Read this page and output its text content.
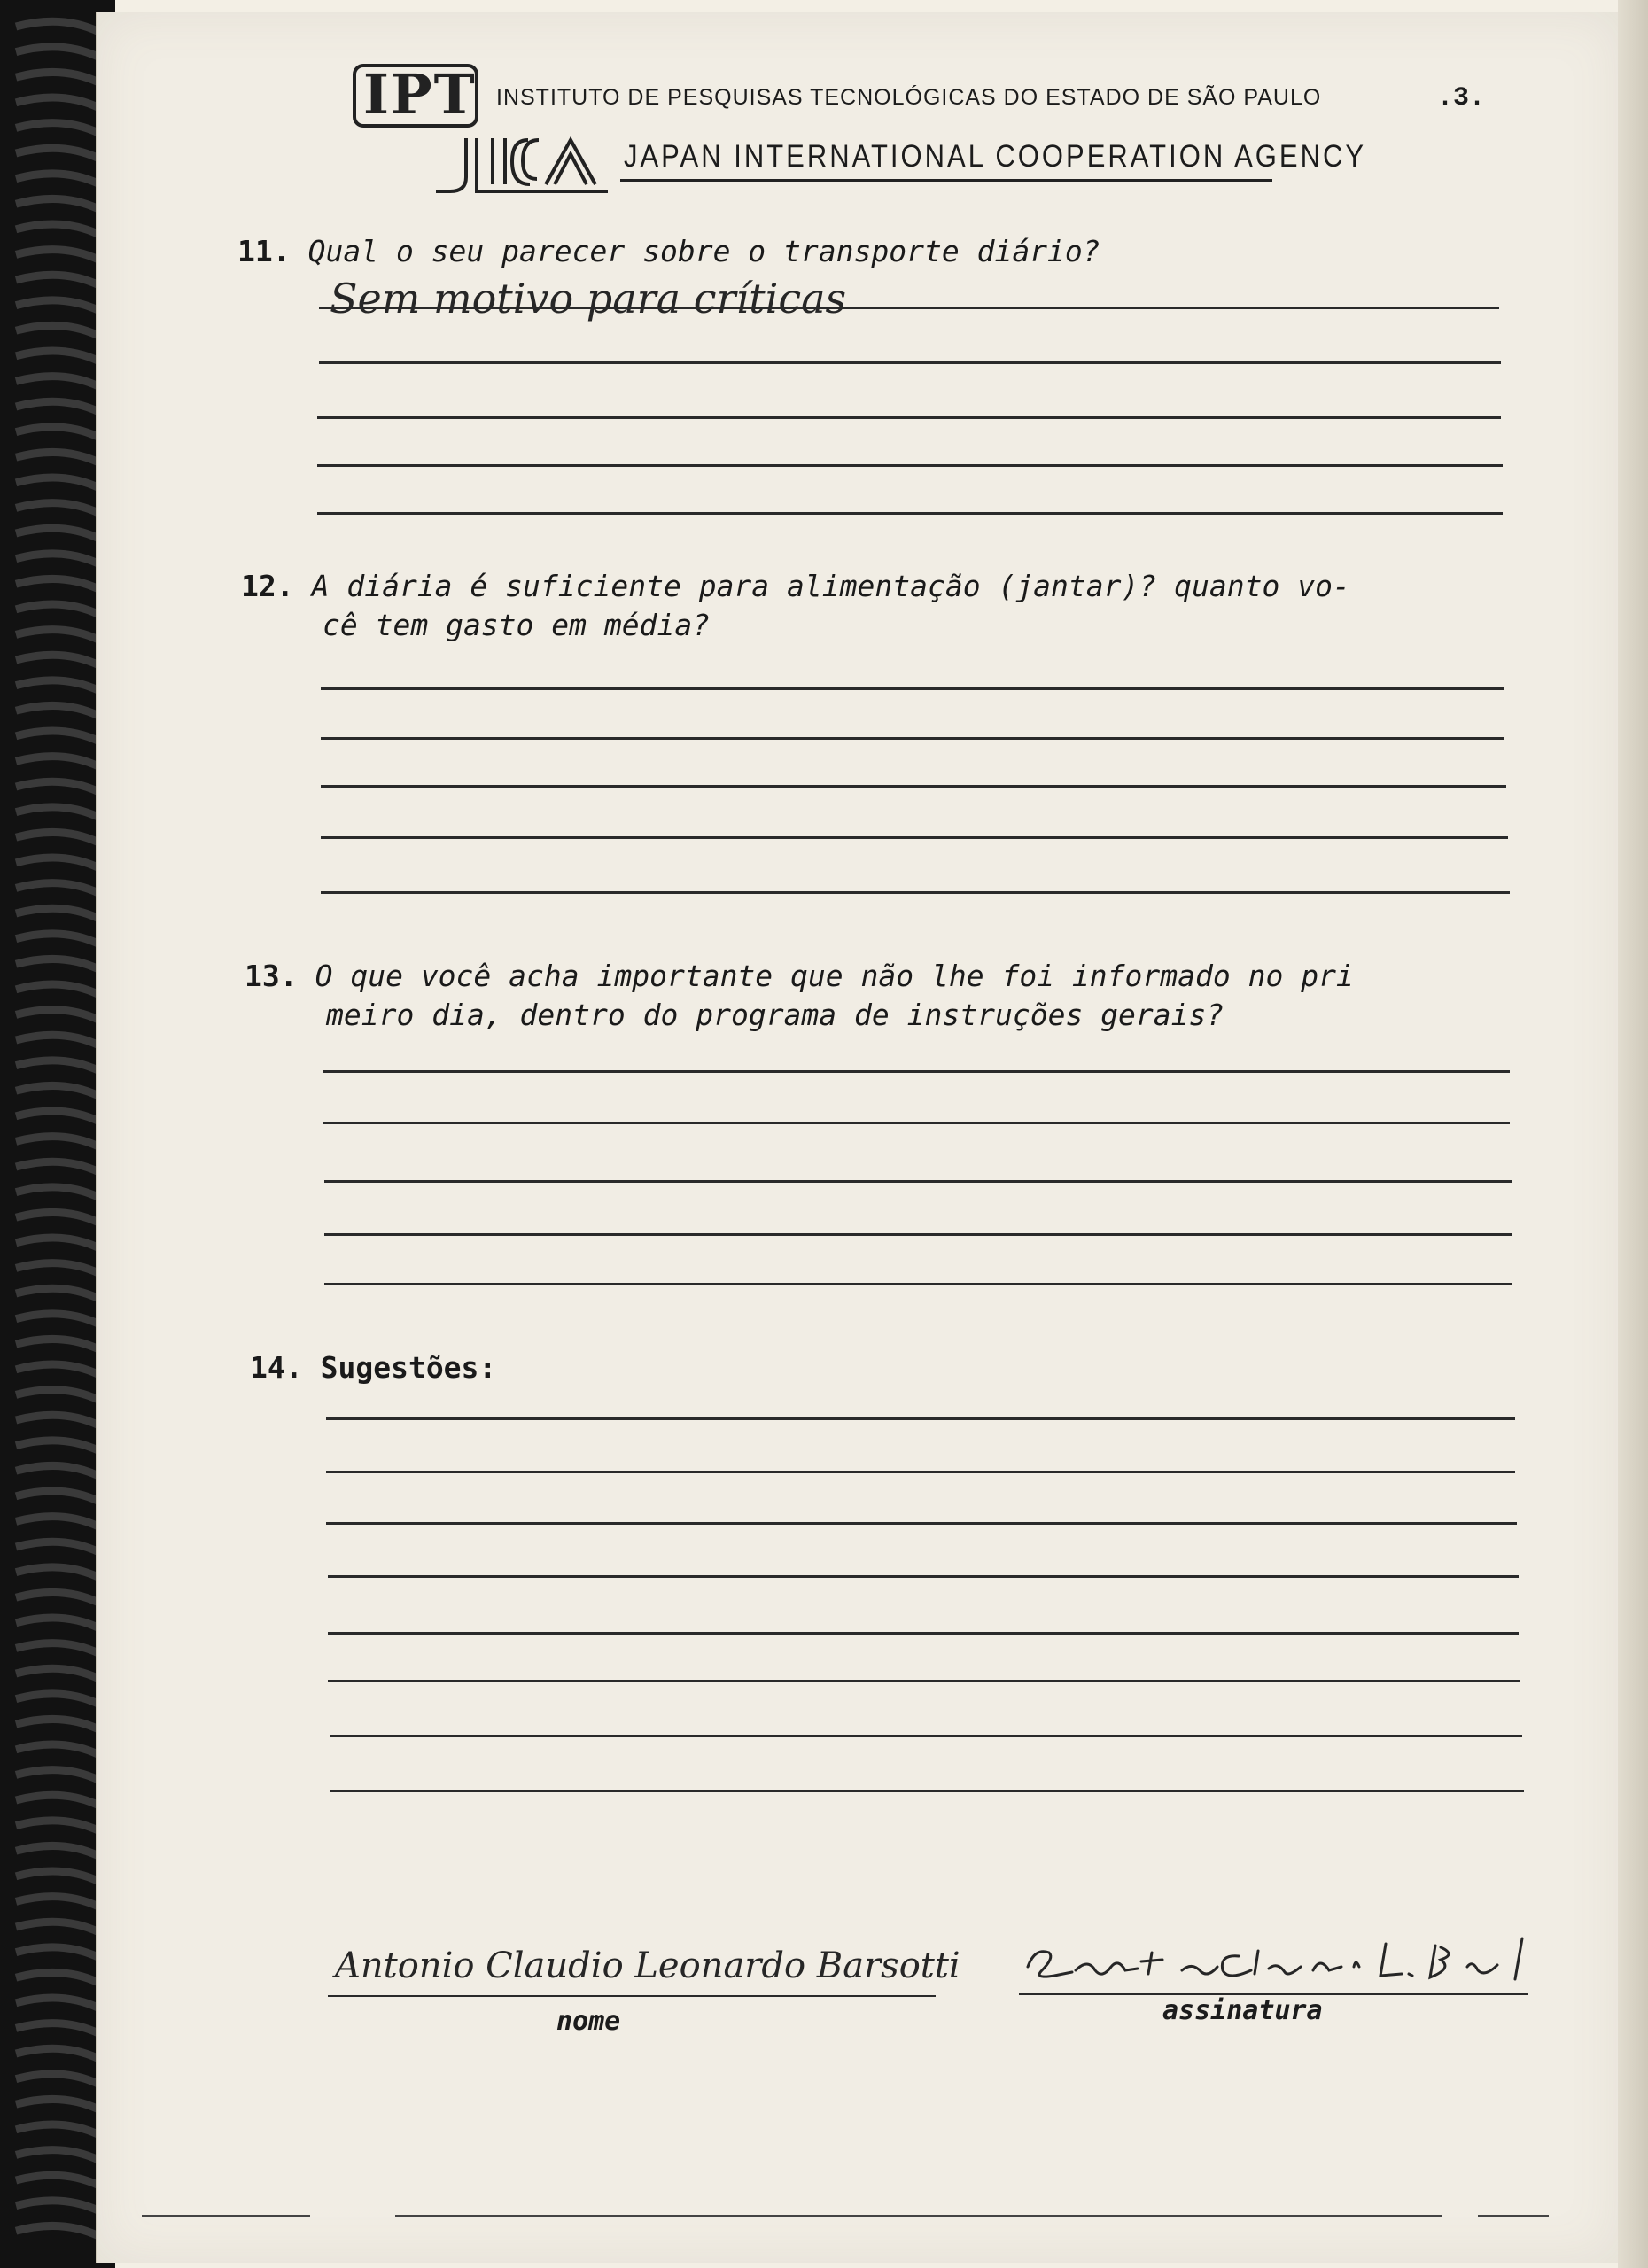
IPT INSTITUTO DE PESQUISAS TECNOLÓGICAS DO ESTADO DE SÃO PAULO	.3.
JAPAN INTERNATIONAL COOPERATION AGENCY
11. Qual o seu parecer sobre o transporte diário?
Sem motivo para críticas
12. A diária é suficiente para alimentação (jantar)? quanto vo-
cê tem gasto em média?
13. O que você acha importante que não lhe foi informado no pri
meiro dia, dentro do programa de instruções gerais?
14. Sugestões:
Antonio Claudio Leonardo Barsotti
nome	assinatura
